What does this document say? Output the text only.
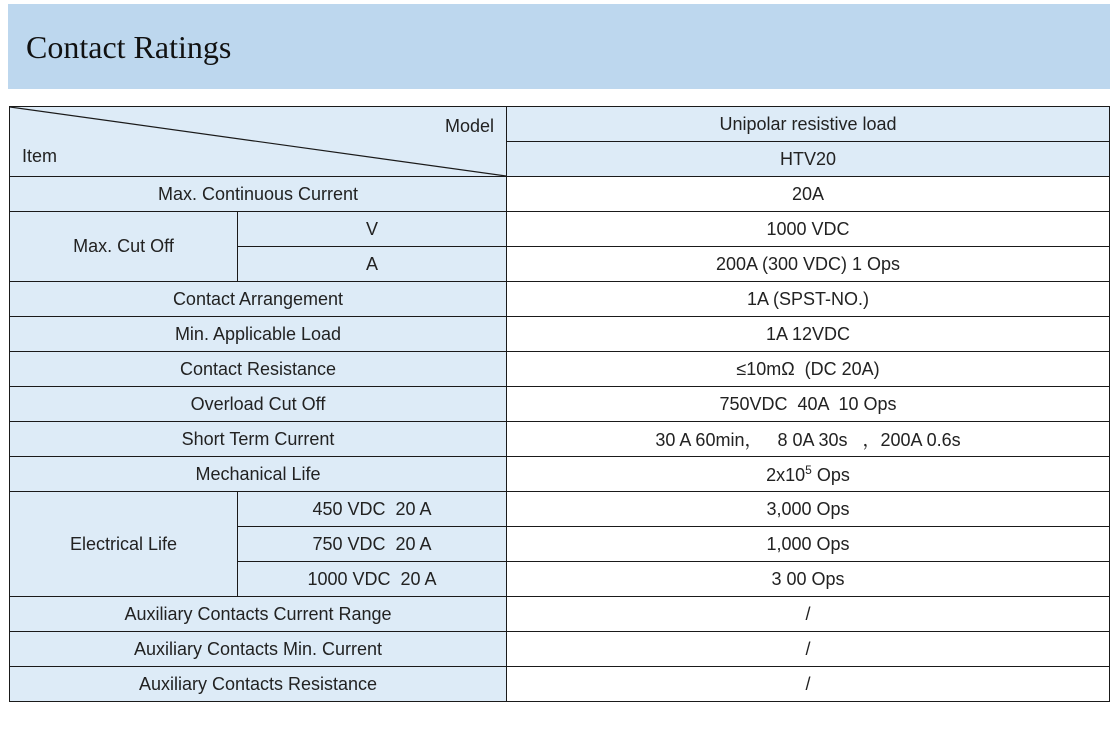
Contact Ratings
Model
Item		Unipolar resistive load
		HTV20
Max. Continuous Current		20A
Max. Cut Off	V	1000 VDC
	A	200A (300 VDC) 1 Ops
Contact Arrangement		1A (SPST-NO.)
Min. Applicable Load		1A 12VDC
Contact Resistance		≤10mΩ  (DC 20A)
Overload Cut Off		750VDC  40A  10 Ops
Short Term Current		30 A 60min，   8 0A 30s   ，200A 0.6s
Mechanical Life		$2x10^5$ Ops
Electrical Life	450 VDC  20 A	3,000 Ops
	750 VDC  20 A	1,000 Ops
	1000 VDC  20 A	3 00 Ops
Auxiliary Contacts Current Range		/
Auxiliary Contacts Min. Current		/
Auxiliary Contacts Resistance		/
